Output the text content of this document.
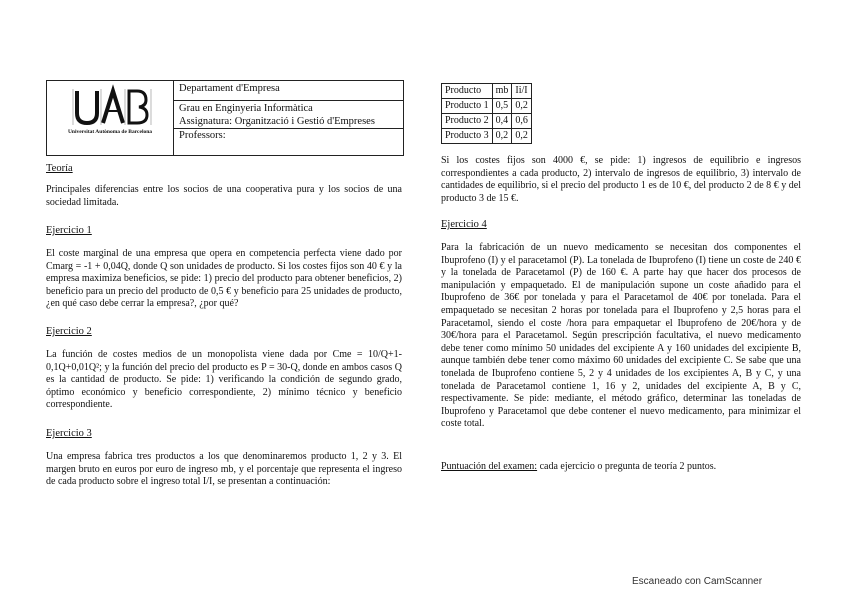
Universitat Autònoma de Barcelona
Departament d'Empresa
Grau en Enginyeria Informàtica
Assignatura: Organització i Gestió d'Empreses
Professors:
Teoría
Principales diferencias entre los socios de una cooperativa pura y los socios de una sociedad limitada.
Ejercicio 1
El coste marginal de una empresa que opera en competencia perfecta viene dado por Cmarg = -1 + 0,04Q, donde Q son unidades de producto. Si los costes fijos son 40 € y la empresa maximiza beneficios, se pide: 1) precio del producto para obtener beneficios, 2) beneficio para un precio del producto de 0,5 € y beneficio para 25 unidades de producto, ¿en qué caso debe cerrar la empresa?, ¿por qué?
Ejercicio 2
La función de costes medios de un monopolista viene dada por Cme = 10/Q+1-0,1Q+0,01Q²; y la función del precio del producto es P = 30-Q, donde en ambos casos Q es la cantidad de producto. Se pide: 1) verificando la condición de segundo grado, óptimo económico y beneficio correspondiente, 2) mínimo técnico y beneficio correspondiente.
Ejercicio 3
Una empresa fabrica tres productos a los que denominaremos producto 1, 2 y 3. El margen bruto en euros por euro de ingreso mb, y el porcentaje que representa el ingreso de cada producto sobre el ingreso total I/I, se presentan a continuación:
Producto	mb	Ii/I
Producto 1	0,5	0,2
Producto 2	0,4	0,6
Producto 3	0,2	0,2
Si los costes fijos son 4000 €, se pide: 1) ingresos de equilibrio e ingresos correspondientes a cada producto, 2) intervalo de ingresos de equilibrio, 3) intervalo de cantidades de equilibrio, si el precio del producto 1 es de 10 €, del producto 2 de 8 € y del producto 3 de 15 €.
Ejercicio 4
Para la fabricación de un nuevo medicamento se necesitan dos componentes el Ibuprofeno (I) y el paracetamol (P). La tonelada de Ibuprofeno (I) tiene un coste de 240 € y la tonelada de Paracetamol (P) de 160 €. A parte hay que hacer dos procesos de manipulación y empaquetado. El de manipulación supone un coste añadido para el Ibuprofeno de 36€ por tonelada y para el Paracetamol de 40€ por tonelada. Para el empaquetado se necesitan 2 horas por tonelada para el Ibuprofeno y 2,5 horas para el Paracetamol, siendo el coste /hora para empaquetar el Ibuprofeno de 20€/hora y de 30€/hora para el Paracetamol. Según prescripción facultativa, el nuevo medicamento debe tener como mínimo 50 unidades del excipiente A y 160 unidades del excipiente B, aunque también debe tener como máximo 60 unidades del excipiente C. Se sabe que una tonelada de Ibuprofeno contiene 5, 2 y 4 unidades de los excipientes A, B y C, y una tonelada de Paracetamol contiene 1, 16 y 2, unidades del excipiente A, B y C, respectivamente. Se pide: mediante, el método gráfico, determinar las toneladas de Ibuprofeno y Paracetamol que debe contener el nuevo medicamento, para minimizar el coste total.
Puntuación del examen: cada ejercicio o pregunta de teoría 2 puntos.
Escaneado con CamScanner
